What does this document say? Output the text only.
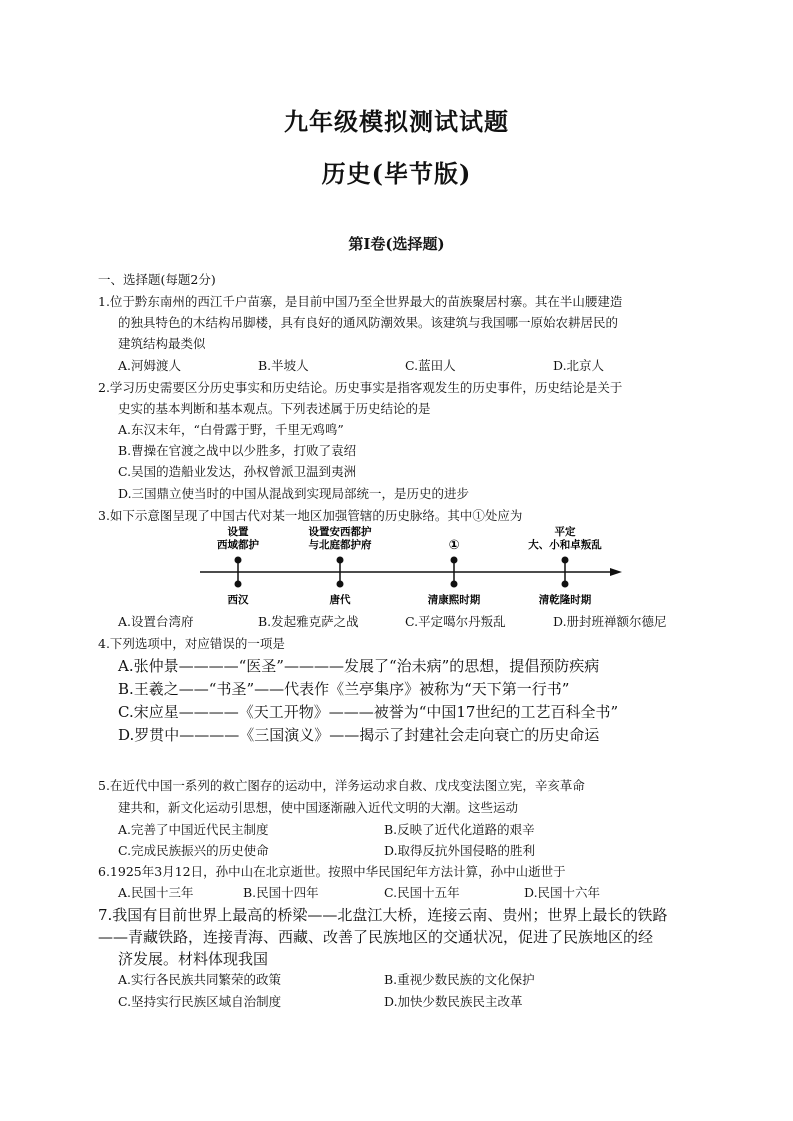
九年级模拟测试试题
历史(毕节版)
第Ⅰ卷(选择题)
一、选择题(每题2分)
1.位于黔东南州的西江千户苗寨，是目前中国乃至全世界最大的苗族聚居村寨。其在半山腰建造
的独具特色的木结构吊脚楼，具有良好的通风防潮效果。该建筑与我国哪一原始农耕居民的
建筑结构最类似
A.河姆渡人	B.半坡人	C.蓝田人	D.北京人
2.学习历史需要区分历史事实和历史结论。历史事实是指客观发生的历史事件，历史结论是关于
史实的基本判断和基本观点。下列表述属于历史结论的是
A.东汉末年，“白骨露于野，千里无鸡鸣”
B.曹操在官渡之战中以少胜多，打败了袁绍
C.吴国的造船业发达，孙权曾派卫温到夷洲
D.三国鼎立使当时的中国从混战到实现局部统一，是历史的进步
3.如下示意图呈现了中国古代对某一地区加强管辖的历史脉络。其中①处应为
设置
西域都护
西汉
设置安西都护
与北庭都护府
唐代
①
清康熙时期
平定
大、小和卓叛乱
清乾隆时期
A.设置台湾府	B.发起雅克萨之战	C.平定噶尔丹叛乱	D.册封班禅额尔德尼
4.下列选项中，对应错误的一项是
A.张仲景————“医圣”————发展了“治未病”的思想，提倡预防疾病
B.王羲之——“书圣”——代表作《兰亭集序》被称为“天下第一行书”
C.宋应星————《天工开物》———被誉为“中国17世纪的工艺百科全书”
D.罗贯中————《三国演义》——揭示了封建社会走向衰亡的历史命运
5.在近代中国一系列的救亡图存的运动中，洋务运动求自救、戊戌变法图立宪，辛亥革命
建共和，新文化运动引思想，使中国逐渐融入近代文明的大潮。这些运动
A.完善了中国近代民主制度	B.反映了近代化道路的艰辛
C.完成民族振兴的历史使命	D.取得反抗外国侵略的胜利
6.1925年3月12日，孙中山在北京逝世。按照中华民国纪年方法计算，孙中山逝世于
A.民国十三年	B.民国十四年	C.民国十五年	D.民国十六年
7.我国有目前世界上最高的桥梁——北盘江大桥，连接云南、贵州；世界上最长的铁路
——青藏铁路，连接青海、西藏、改善了民族地区的交通状况，促进了民族地区的经
济发展。材料体现我国
A.实行各民族共同繁荣的政策	B.重视少数民族的文化保护
C.坚持实行民族区域自治制度	D.加快少数民族民主改革
